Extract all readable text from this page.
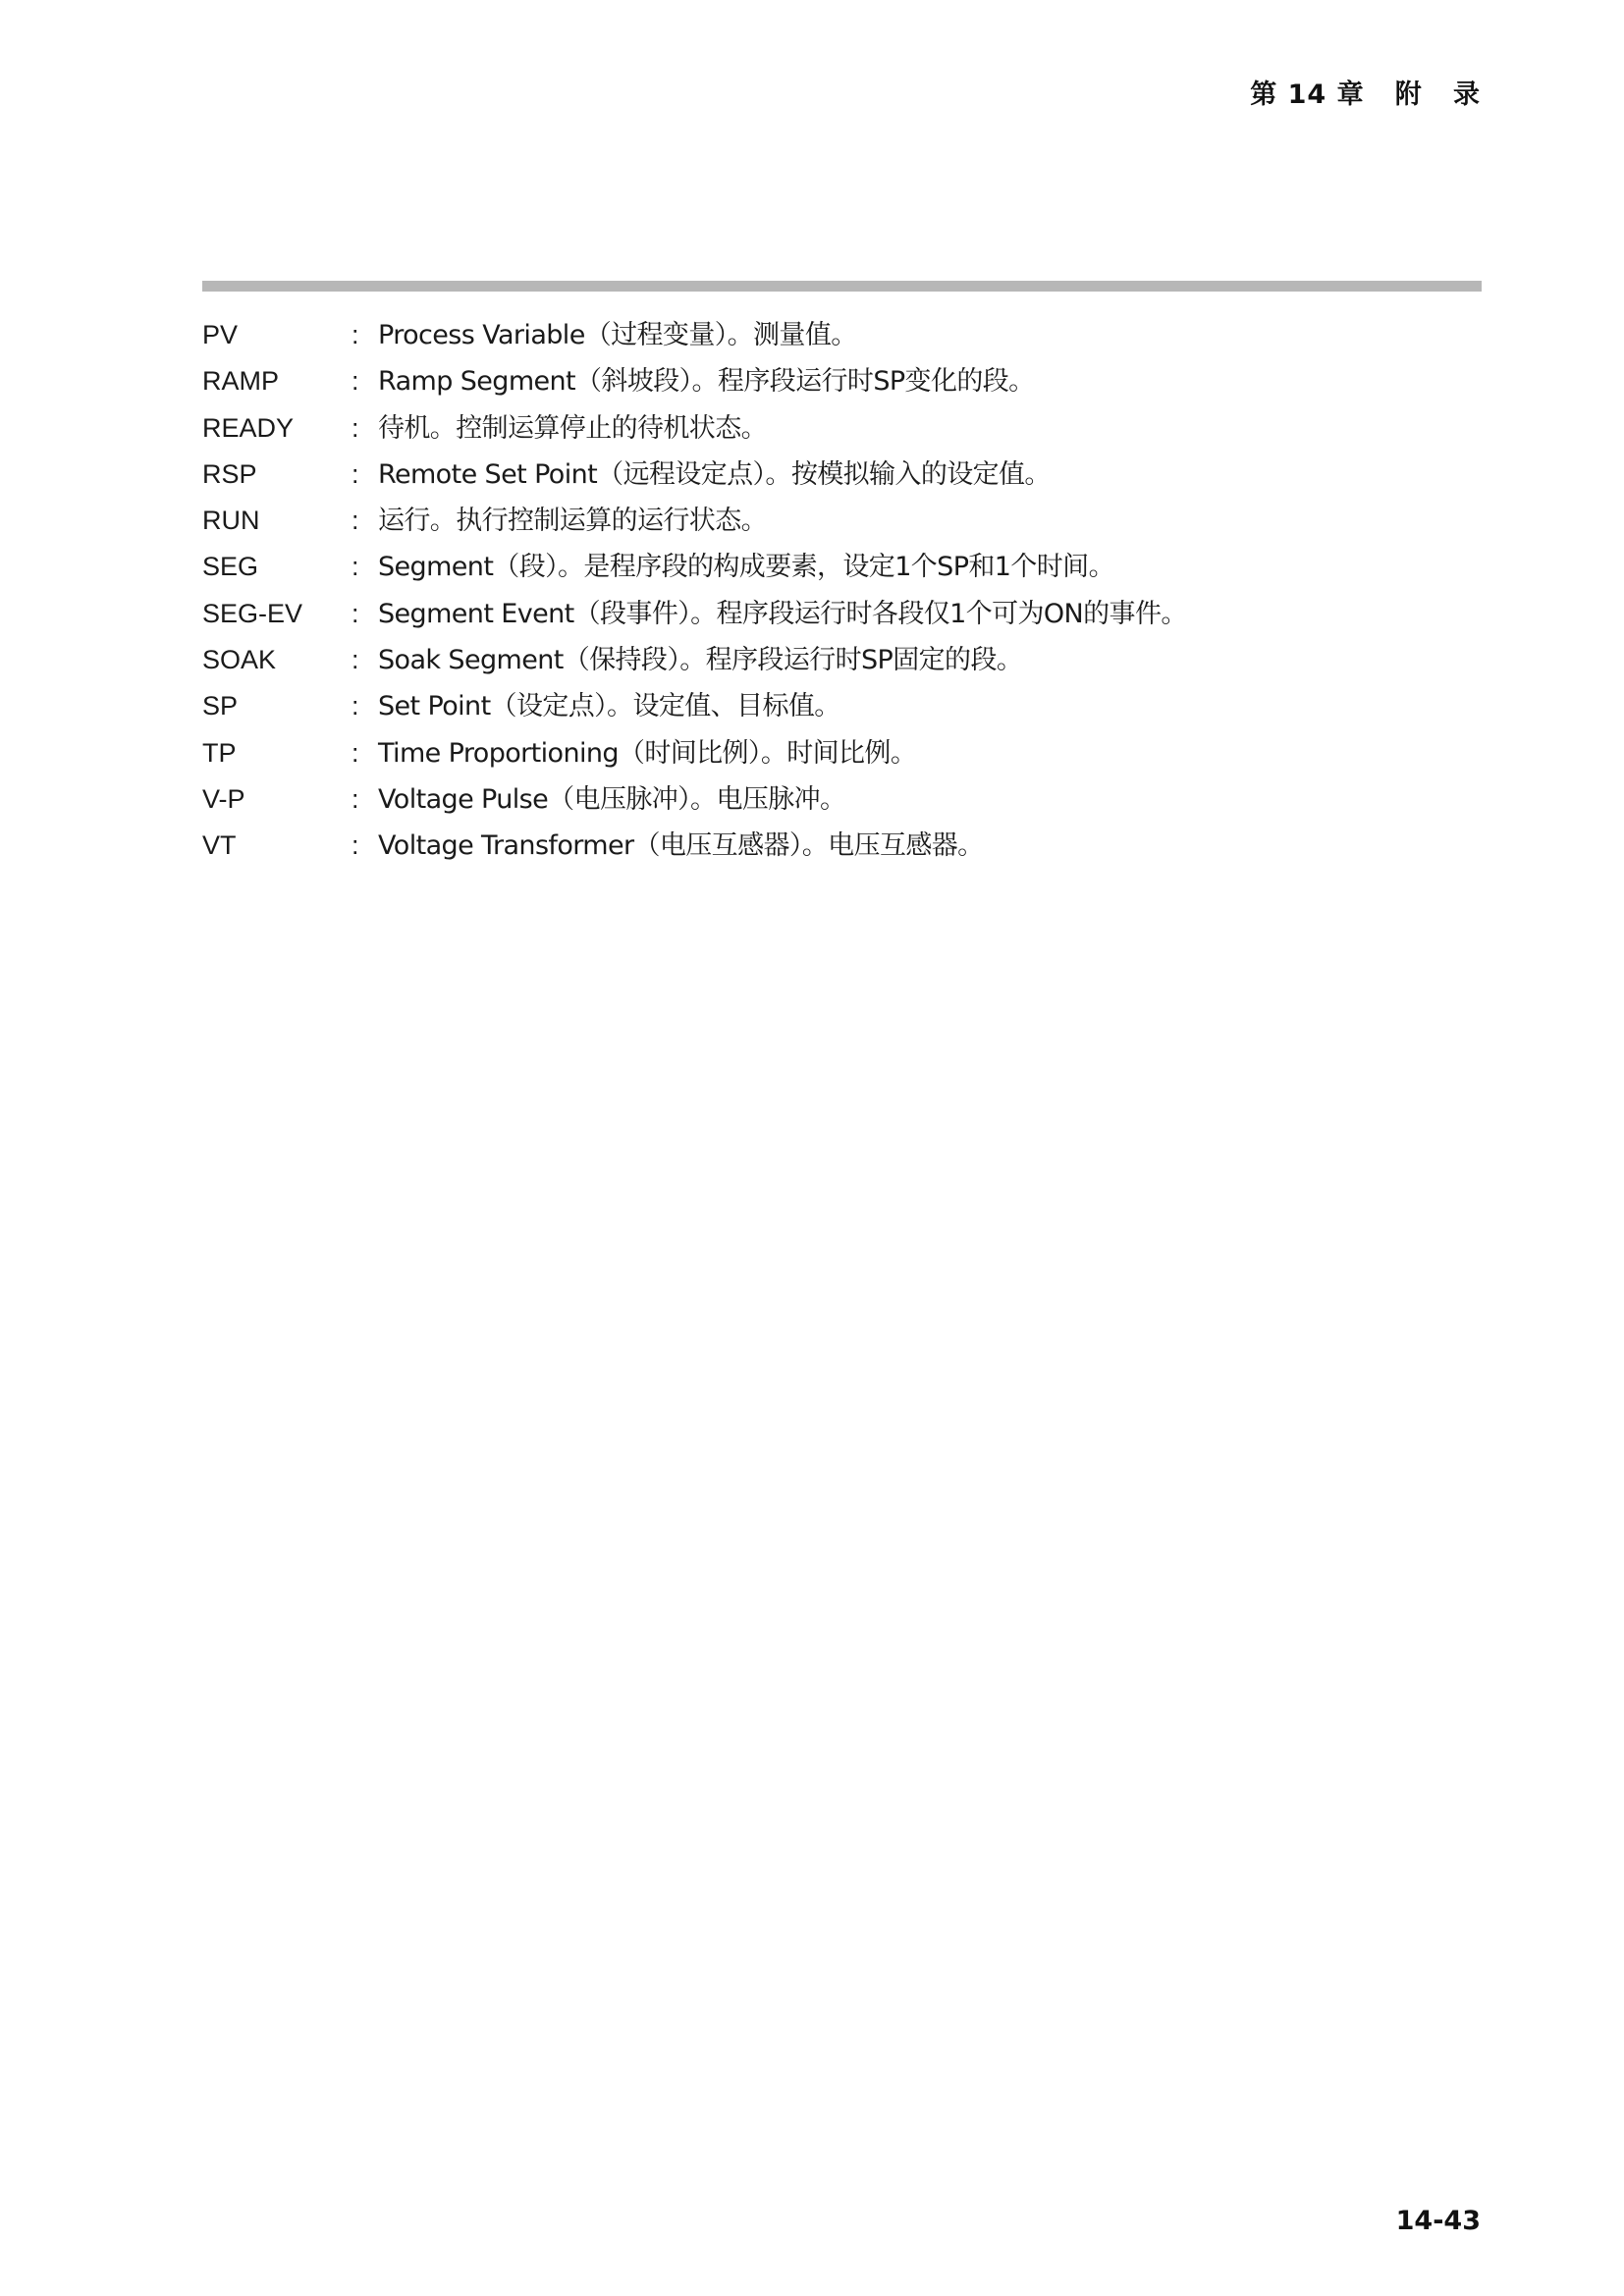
第 14 章   附   录
PV	: Process Variable（过程变量）。测量值。
RAMP	: Ramp Segment（斜坡段）。程序段运行时SP变化的段。
READY : 待机。控制运算停止的待机状态。
RSP	: Remote Set Point（远程设定点）。按模拟输入的设定值。
RUN	: 运行。执行控制运算的运行状态。
SEG	: Segment（段）。是程序段的构成要素，设定1个SP和1个时间。
SEG-EV : Segment Event（段事件）。程序段运行时各段仅1个可为ON的事件。
SOAK	: Soak Segment（保持段）。程序段运行时SP固定的段。
SP	: Set Point（设定点）。设定值、目标值。
TP	: Time Proportioning（时间比例）。时间比例。
V-P	: Voltage Pulse（电压脉冲）。电压脉冲。
VT	: Voltage Transformer（电压互感器）。电压互感器。
14-43
